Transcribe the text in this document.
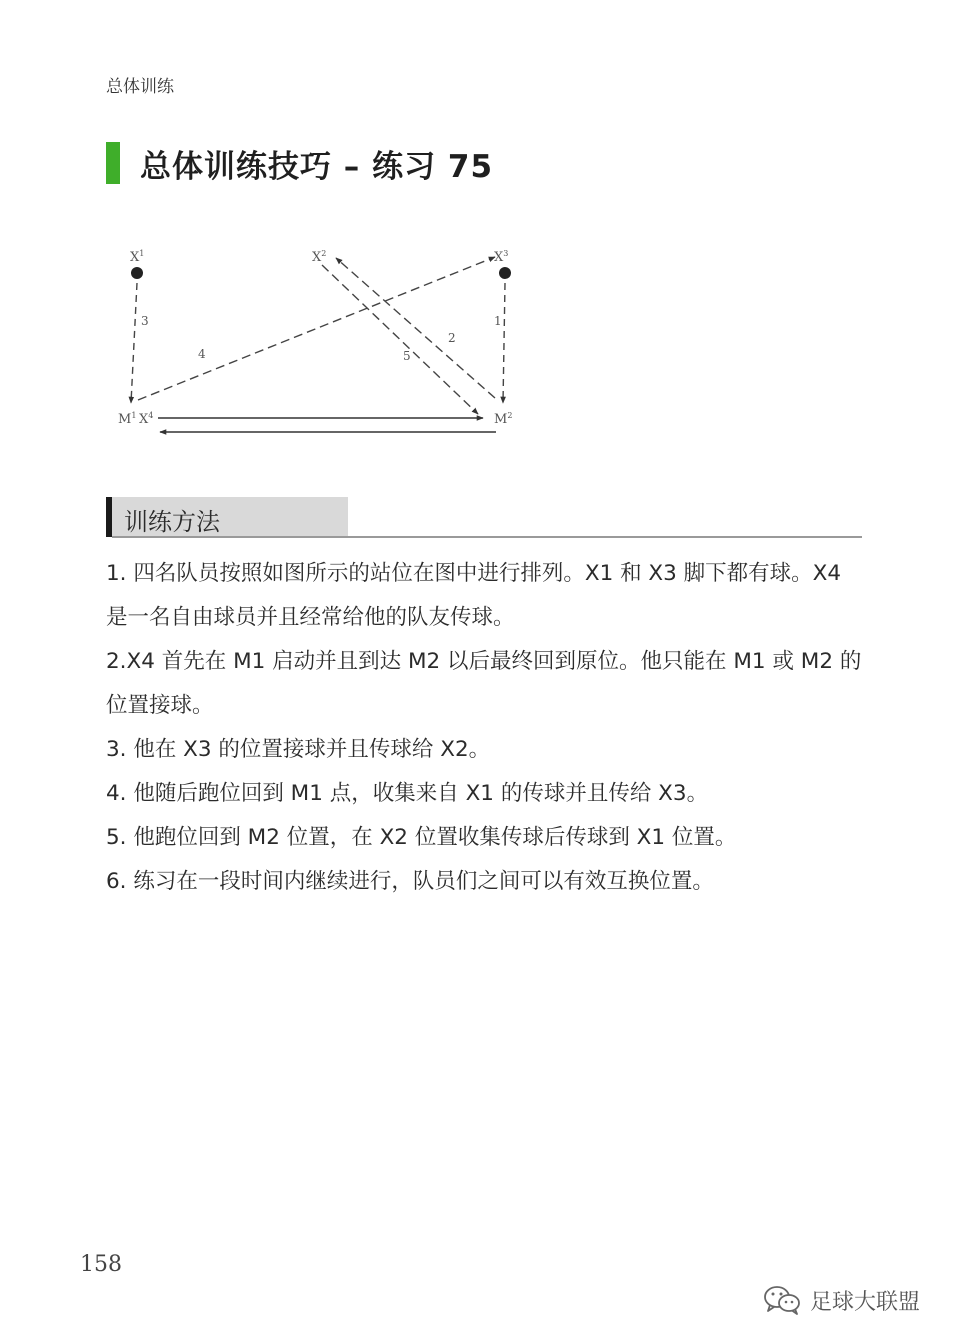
总体训练
总体训练技巧 – 练习 75
$X^1$	$X^2$	$X^3$
$M^1$ $X^4$	$M^2$
3	1
4
2
5
训练方法

1. 四名队员按照如图所示的站位在图中进行排列。X1 和 X3 脚下都有球。X4 是一名自由球员并且经常给他的队友传球。

2.X4 首先在 M1 启动并且到达 M2 以后最终回到原位。他只能在 M1 或 M2 的位置接球。

3. 他在 X3 的位置接球并且传球给 X2。

4. 他随后跑位回到 M1 点，收集来自 X1 的传球并且传给 X3。

5. 他跑位回到 M2 位置，在 X2 位置收集传球后传球到 X1 位置。

6. 练习在一段时间内继续进行，队员们之间可以有效互换位置。

158
足球大联盟
